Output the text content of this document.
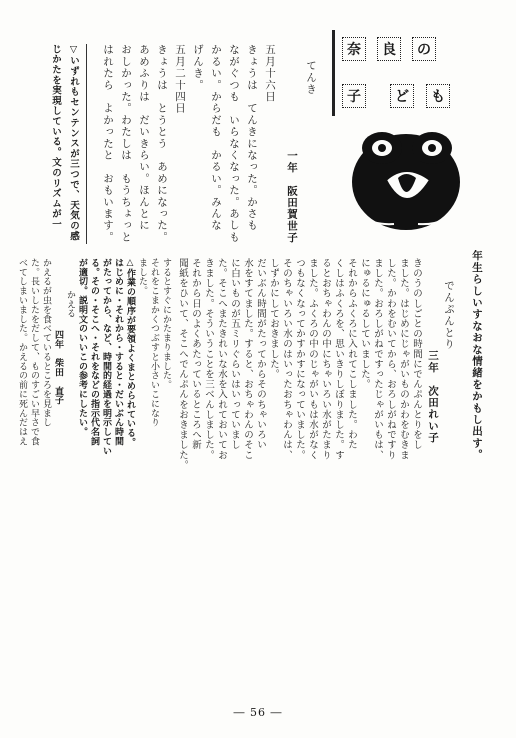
奈	良	の
子	ど	も
てんき
一年　阪田賀世子
五月十六日
きょうは　てんきになった。かさも
ながぐつも　いらなくなった。あしも
かるい。からだも　かるい。みんな
げんき。
五月二十四日
きょうは　とうとう　あめになった。
あめふりは　だいきらい。ほんとに
おしかった。わたしは　もうちょっと
はれたら　よかったと　おもいます。
▽いずれもセンテンスが三つで、天気の感
じかたを実現している。文のリズムが一
年生らしいすなおな情緒をかもし出す。
でんぷんとり
三年　次田れい子
きのうのしごとの時間にでんぷんとりをし
ました。はじめにじゃがいものかわをむきま
した。かわをむいてから、おろしがねですり
ました。おろしがねですったじゃがいもは、
にゅるにゅるしていました。
それからふくろに入れてこしました。わた
くしはふくろを、思いきりしぼりました。す
るとおちゃわんの中にちゃいろい水がたまり
ました。ふくろの中のじゃがいもは水がなく
つもなくなってかすかすになっていました。
そのちゃいろい水のはいったおちゃわんは、
しずかにしておきました。
だいぶん時間がたってからそのちゃいろい
水をすてました。すると、おちゃわんのそこ
に白いものが五ミリぐらいはいっていまし
た。そこへまたきれいな水を入れておいてお
きました。そういうことを三べんしました。
それから日のよくあたっているところへ新
聞紙をひいて、そこへでんぷんをおきました。
するとすぐにかたまりました。
それをこまかくつぶすと小さいこになり
ました。
△作業の順序が要領よくまとめられている。
はじめに・それから・すると・だいぶん時間
がたってから、など、時間的経過を明示してい
る。その・そこへ・それをなどの指示代名詞
が適切。説明文のいいこの参考にしたい。
かえる
四年　柴田　直子
かえるが虫を食べているところを見まし
た。長いしたをだして、ものすごい早さで食
べてしまいました。かえるの前に死んだはえ
― 56 ―
